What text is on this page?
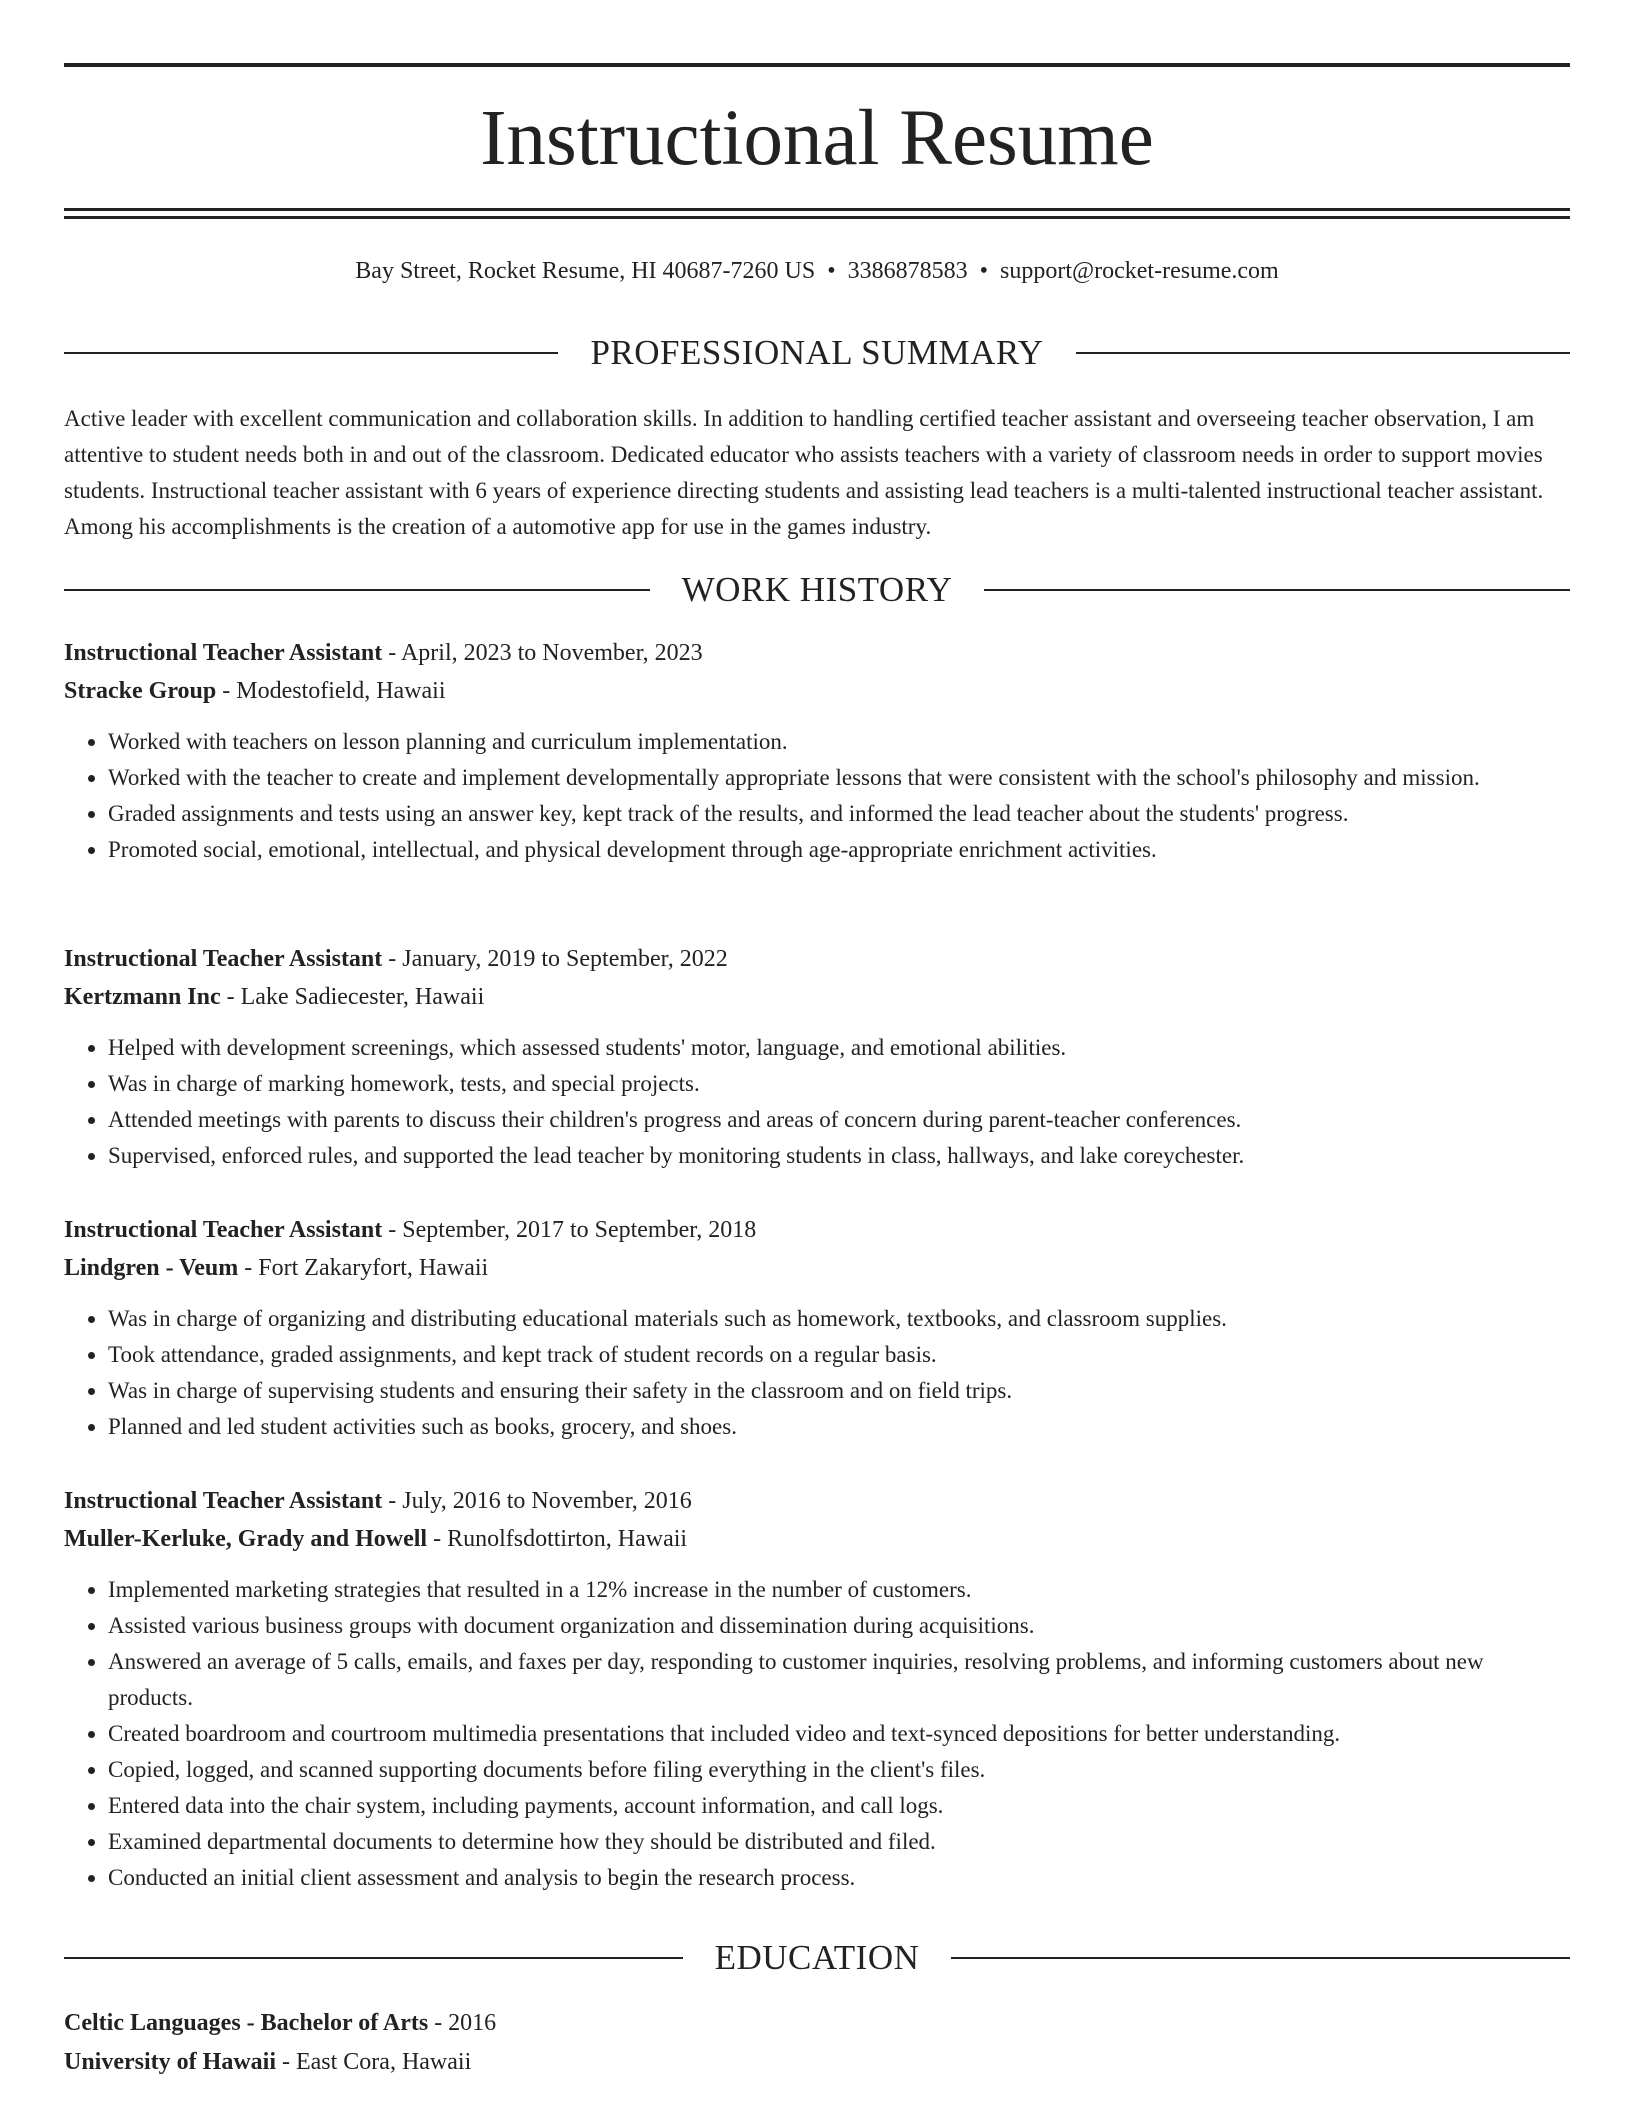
Instructional Resume
Bay Street, Rocket Resume, HI 40687-7260 US • 3386878583 • support@rocket-resume.com
PROFESSIONAL SUMMARY

Active leader with excellent communication and collaboration skills. In addition to handling certified teacher assistant and overseeing teacher observation, I am attentive to student needs both in and out of the classroom. Dedicated educator who assists teachers with a variety of classroom needs in order to support movies students. Instructional teacher assistant with 6 years of experience directing students and assisting lead teachers is a multi-talented instructional teacher assistant. Among his accomplishments is the creation of a automotive app for use in the games industry.

WORK HISTORY
Instructional Teacher Assistant - April, 2023 to November, 2023
Stracke Group - Modestofield, Hawaii
• Worked with teachers on lesson planning and curriculum implementation.
• Worked with the teacher to create and implement developmentally appropriate lessons that were consistent with the school's philosophy and mission.
• Graded assignments and tests using an answer key, kept track of the results, and informed the lead teacher about the students' progress.
• Promoted social, emotional, intellectual, and physical development through age-appropriate enrichment activities.
Instructional Teacher Assistant - January, 2019 to September, 2022
Kertzmann Inc - Lake Sadiecester, Hawaii
• Helped with development screenings, which assessed students' motor, language, and emotional abilities.
• Was in charge of marking homework, tests, and special projects.
• Attended meetings with parents to discuss their children's progress and areas of concern during parent-teacher conferences.
• Supervised, enforced rules, and supported the lead teacher by monitoring students in class, hallways, and lake coreychester.
Instructional Teacher Assistant - September, 2017 to September, 2018
Lindgren - Veum - Fort Zakaryfort, Hawaii
• Was in charge of organizing and distributing educational materials such as homework, textbooks, and classroom supplies.
• Took attendance, graded assignments, and kept track of student records on a regular basis.
• Was in charge of supervising students and ensuring their safety in the classroom and on field trips.
• Planned and led student activities such as books, grocery, and shoes.
Instructional Teacher Assistant - July, 2016 to November, 2016
Muller-Kerluke, Grady and Howell - Runolfsdottirton, Hawaii
• Implemented marketing strategies that resulted in a 12% increase in the number of customers.
• Assisted various business groups with document organization and dissemination during acquisitions.
• Answered an average of 5 calls, emails, and faxes per day, responding to customer inquiries, resolving problems, and informing customers about new products.
• Created boardroom and courtroom multimedia presentations that included video and text-synced depositions for better understanding.
• Copied, logged, and scanned supporting documents before filing everything in the client's files.
• Entered data into the chair system, including payments, account information, and call logs.
• Examined departmental documents to determine how they should be distributed and filed.
• Conducted an initial client assessment and analysis to begin the research process.
EDUCATION
Celtic Languages - Bachelor of Arts - 2016
University of Hawaii - East Cora, Hawaii
